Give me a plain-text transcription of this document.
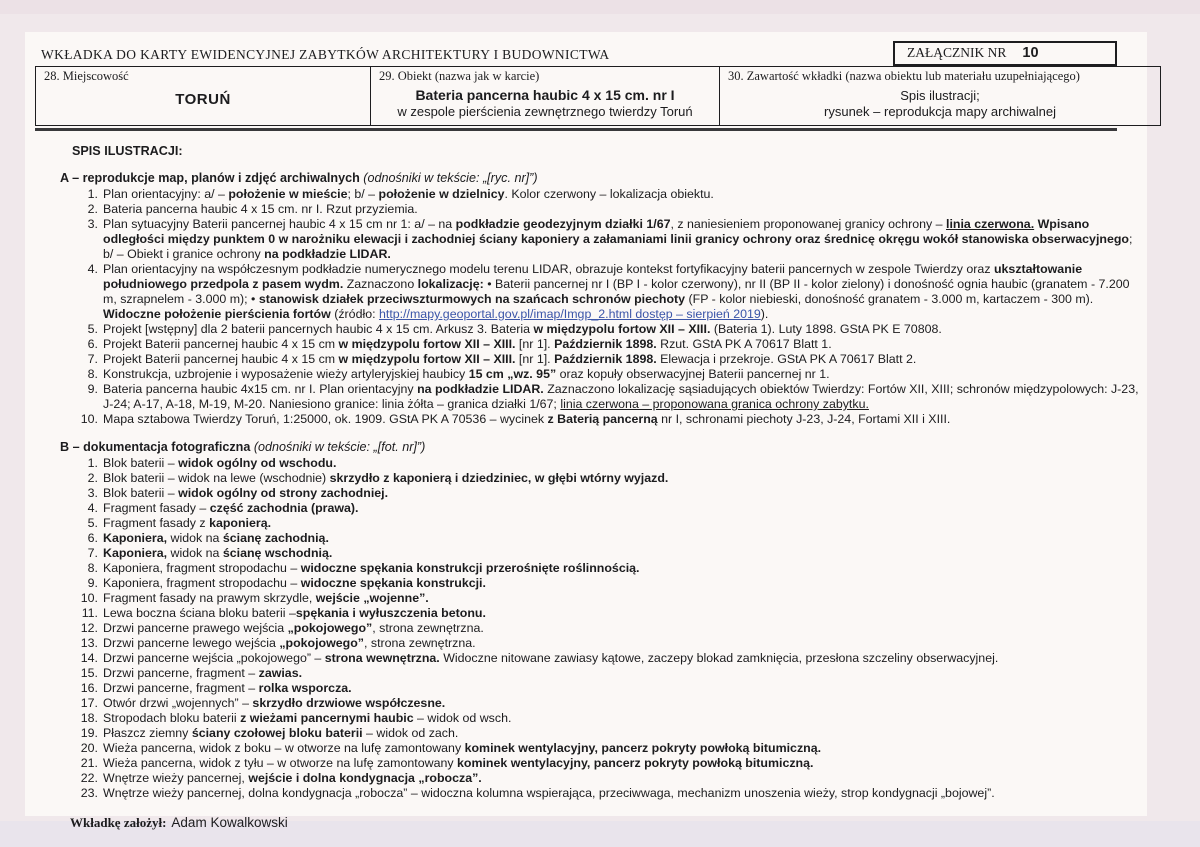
WKŁADKA DO KARTY EWIDENCYJNEJ ZABYTKÓW ARCHITEKTURY I BUDOWNICTWA	ZAŁĄCZNIK NR 10
28. Miejscowość
TORUŃ

29. Obiekt (nazwa jak w karcie)
Bateria pancerna haubic 4 x 15 cm. nr I
w zespole pierścienia zewnętrznego twierdzy Toruń

30. Zawartość wkładki (nazwa obiektu lub materiału uzupełniającego)
Spis ilustracji;
rysunek – reprodukcja mapy archiwalnej
SPIS ILUSTRACJI:
A – reprodukcje map, planów i zdjęć archiwalnych (odnośniki w tekście: „[ryc. nr]”)
1. Plan orientacyjny: a/ – położenie w mieście; b/ – położenie w dzielnicy. Kolor czerwony – lokalizacja obiektu.
2. Bateria pancerna haubic 4 x 15 cm. nr I. Rzut przyziemia.
3. Plan sytuacyjny Baterii pancernej haubic 4 x 15 cm nr 1: a/ – na podkładzie geodezyjnym działki 1/67, z naniesieniem proponowanej granicy ochrony – linia czerwona. Wpisano odległości między punktem 0 w narożniku elewacji i zachodniej ściany kaponiery a załamaniami linii granicy ochrony oraz średnicę okręgu wokół stanowiska obserwacyjnego; b/ – Obiekt i granice ochrony na podkładzie LIDAR.
4. Plan orientacyjny na współczesnym podkładzie numerycznego modelu terenu LIDAR, obrazuje kontekst fortyfikacyjny baterii pancernych w zespole Twierdzy oraz ukształtowanie południowego przedpola z pasem wydm. Zaznaczono lokalizację: • Baterii pancernej nr I (BP I - kolor czerwony), nr II (BP II - kolor zielony) i donośność ognia haubic (granatem - 7.200 m, szrapnelem - 3.000 m); • stanowisk działek przeciwszturmowych na szańcach schronów piechoty (FP - kolor niebieski, donośność granatem - 3.000 m, kartaczem - 300 m). Widoczne położenie pierścienia fortów (źródło: http://mapy.geoportal.gov.pl/imap/Imgp_2.html dostęp – sierpień 2019).
5. Projekt [wstępny] dla 2 baterii pancernych haubic 4 x 15 cm. Arkusz 3. Bateria w międzypolu fortow XII – XIII. (Bateria 1). Luty 1898. GStA PK E 70808.
6. Projekt Baterii pancernej haubic 4 x 15 cm w międzypolu fortow XII – XIII. [nr 1]. Październik 1898. Rzut. GStA PK A 70617 Blatt 1.
7. Projekt Baterii pancernej haubic 4 x 15 cm w międzypolu fortow XII – XIII. [nr 1]. Październik 1898. Elewacja i przekroje. GStA PK A 70617 Blatt 2.
8. Konstrukcja, uzbrojenie i wyposażenie wieży artyleryjskiej haubicy 15 cm „wz. 95” oraz kopuły obserwacyjnej Baterii pancernej nr 1.
9. Bateria pancerna haubic 4x15 cm. nr I. Plan orientacyjny na podkładzie LIDAR. Zaznaczono lokalizację sąsiadujących obiektów Twierdzy: Fortów XII, XIII; schronów międzypolowych: J-23, J-24; A-17, A-18, M-19, M-20. Naniesiono granice: linia żółta – granica działki 1/67; linia czerwona – proponowana granica ochrony zabytku.
10. Mapa sztabowa Twierdzy Toruń, 1:25000, ok. 1909. GStA PK A 70536 – wycinek z Baterią pancerną nr I, schronami piechoty J-23, J-24, Fortami XII i XIII.
B – dokumentacja fotograficzna (odnośniki w tekście: „[fot. nr]”)
1. Blok baterii – widok ogólny od wschodu.
2. Blok baterii – widok na lewe (wschodnie) skrzydło z kaponierą i dziedziniec, w głębi wtórny wyjazd.
3. Blok baterii – widok ogólny od strony zachodniej.
4. Fragment fasady – część zachodnia (prawa).
5. Fragment fasady z kaponierą.
6. Kaponiera, widok na ścianę zachodnią.
7. Kaponiera, widok na ścianę wschodnią.
8. Kaponiera, fragment stropodachu – widoczne spękania konstrukcji przerośnięte roślinnością.
9. Kaponiera, fragment stropodachu – widoczne spękania konstrukcji.
10. Fragment fasady na prawym skrzydle, wejście „wojenne”.
11. Lewa boczna ściana bloku baterii –spękania i wyłuszczenia betonu.
12. Drzwi pancerne prawego wejścia „pokojowego”, strona zewnętrzna.
13. Drzwi pancerne lewego wejścia „pokojowego”, strona zewnętrzna.
14. Drzwi pancerne wejścia „pokojowego” – strona wewnętrzna. Widoczne nitowane zawiasy kątowe, zaczepy blokad zamknięcia, przesłona szczeliny obserwacyjnej.
15. Drzwi pancerne, fragment – zawias.
16. Drzwi pancerne, fragment – rolka wsporcza.
17. Otwór drzwi „wojennych” – skrzydło drzwiowe współczesne.
18. Stropodach bloku baterii z wieżami pancernymi haubic – widok od wsch.
19. Płaszcz ziemny ściany czołowej bloku baterii – widok od zach.
20. Wieża pancerna, widok z boku – w otworze na lufę zamontowany kominek wentylacyjny, pancerz pokryty powłoką bitumiczną.
21. Wieża pancerna, widok z tyłu – w otworze na lufę zamontowany kominek wentylacyjny, pancerz pokryty powłoką bitumiczną.
22. Wnętrze wieży pancernej, wejście i dolna kondygnacja „robocza”.
23. Wnętrze wieży pancernej, dolna kondygnacja „robocza” – widoczna kolumna wspierająca, przeciwwaga, mechanizm unoszenia wieży, strop kondygnacji „bojowej”.
Wkładkę założył: Adam Kowalkowski
